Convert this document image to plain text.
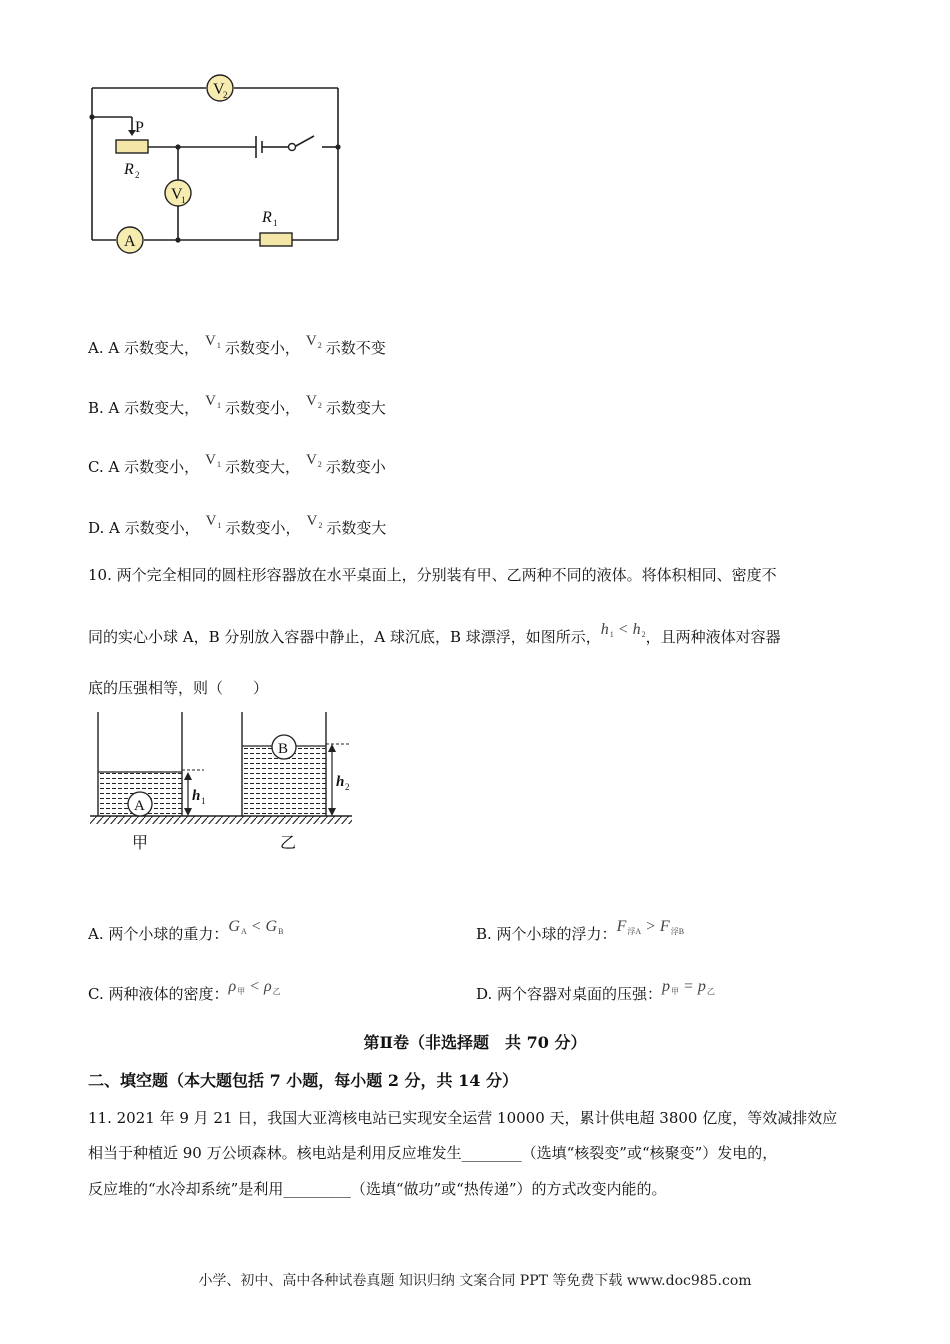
V
2
V
1
A
P
R 2
R 1
A. A 示数变大， $V^1$ 示数变小， $V^2$ 示数不变
B. A 示数变大， $V^1$ 示数变小， $V^2$ 示数变大
C. A 示数变小， $V^1$ 示数变大， $V^2$ 示数变小
D. A 示数变小， $V^1$ 示数变小， $V^2$ 示数变大
10. 两个完全相同的圆柱形容器放在水平桌面上，分别装有甲、乙两种不同的液体。将体积相同、密度不
同的实心小球 A，B 分别放入容器中静止，A 球沉底，B 球漂浮，如图所示，h1 < h2，且两种液体对容器
底的压强相等，则（　　）
A
B
h 1
h 2
甲	乙
A. 两个小球的重力：GA < GB	B. 两个小球的浮力：F浮A > F浮B
C. 两种液体的密度：ρ甲 < ρ乙	D. 两个容器对桌面的压强：p甲 = p乙
第Ⅱ卷（非选择题　共 70 分）
二、填空题（本大题包括 7 小题，每小题 2 分，共 14 分）
11. 2021 年 9 月 21 日，我国大亚湾核电站已实现安全运营 10000 天，累计供电超 3800 亿度，等效减排效应
相当于种植近 90 万公顷森林。核电站是利用反应堆发生________（选填“核裂变”或“核聚变”）发电的，
反应堆的“水冷却系统”是利用_________（选填“做功”或“热传递”）的方式改变内能的。
小学、初中、高中各种试卷真题 知识归纳 文案合同 PPT 等免费下载 www.doc985.com
